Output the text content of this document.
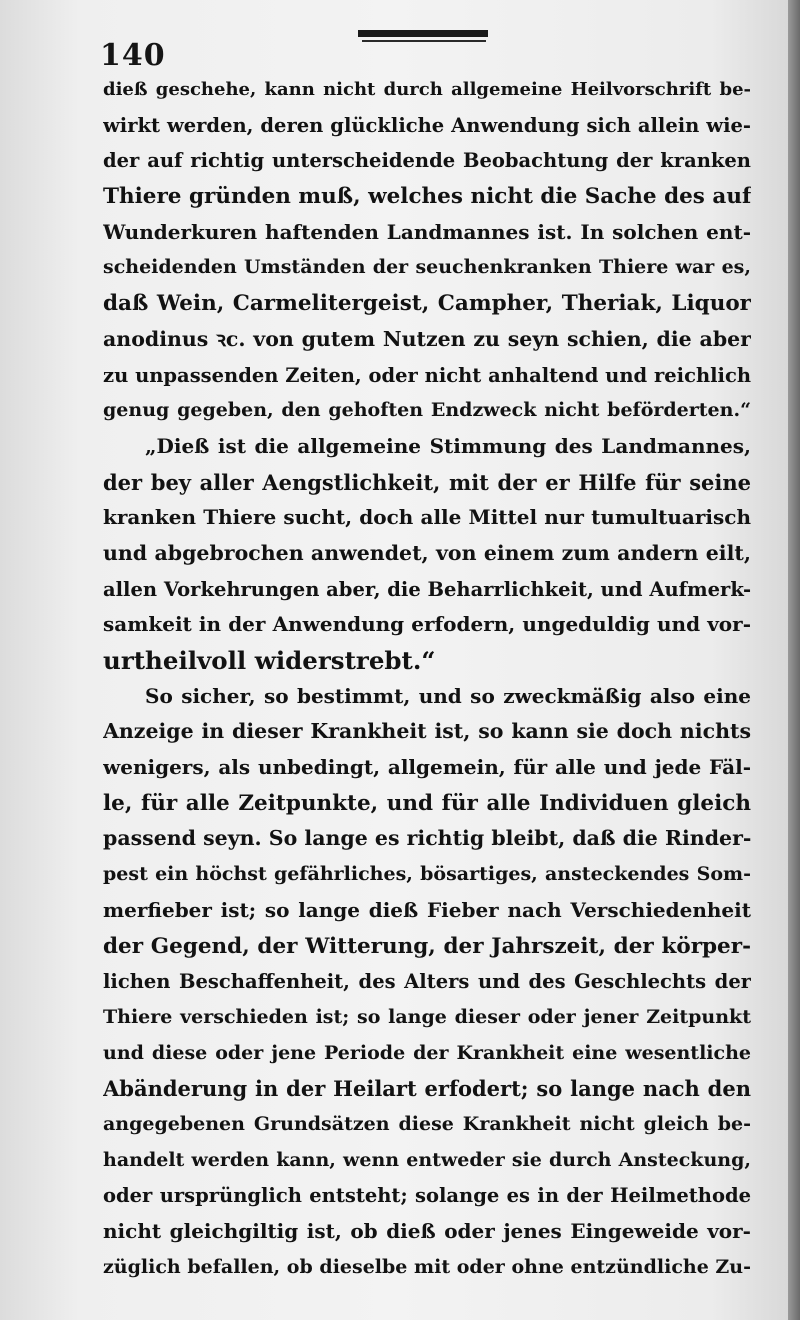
140
dieß geschehe, kann nicht durch allgemeine Heilvorschrift be-
wirkt werden, deren glückliche Anwendung sich allein wie-
der auf richtig unterscheidende Beobachtung der kranken
Thiere gründen muß, welches nicht die Sache des auf
Wunderkuren haftenden Landmannes ist. In solchen ent-
scheidenden Umständen der seuchenkranken Thiere war es,
daß Wein, Carmelitergeist, Campher, Theriak, Liquor
anodinus ꝛc. von gutem Nutzen zu seyn schien, die aber
zu unpassenden Zeiten, oder nicht anhaltend und reichlich
genug gegeben, den gehoften Endzweck nicht beförderten.“
„Dieß ist die allgemeine Stimmung des Landmannes,
der bey aller Aengstlichkeit, mit der er Hilfe für seine
kranken Thiere sucht, doch alle Mittel nur tumultuarisch
und abgebrochen anwendet, von einem zum andern eilt,
allen Vorkehrungen aber, die Beharrlichkeit, und Aufmerk-
samkeit in der Anwendung erfodern, ungeduldig und vor-
urtheilvoll widerstrebt.“
So sicher, so bestimmt, und so zweckmäßig also eine
Anzeige in dieser Krankheit ist, so kann sie doch nichts
wenigers, als unbedingt, allgemein, für alle und jede Fäl-
le, für alle Zeitpunkte, und für alle Individuen gleich
passend seyn. So lange es richtig bleibt, daß die Rinder-
pest ein höchst gefährliches, bösartiges, ansteckendes Som-
merfieber ist; so lange dieß Fieber nach Verschiedenheit
der Gegend, der Witterung, der Jahrszeit, der körper-
lichen Beschaffenheit, des Alters und des Geschlechts der
Thiere verschieden ist; so lange dieser oder jener Zeitpunkt
und diese oder jene Periode der Krankheit eine wesentliche
Abänderung in der Heilart erfodert; so lange nach den
angegebenen Grundsätzen diese Krankheit nicht gleich be-
handelt werden kann, wenn entweder sie durch Ansteckung,
oder ursprünglich entsteht; solange es in der Heilmethode
nicht gleichgiltig ist, ob dieß oder jenes Eingeweide vor-
züglich befallen, ob dieselbe mit oder ohne entzündliche Zu-
